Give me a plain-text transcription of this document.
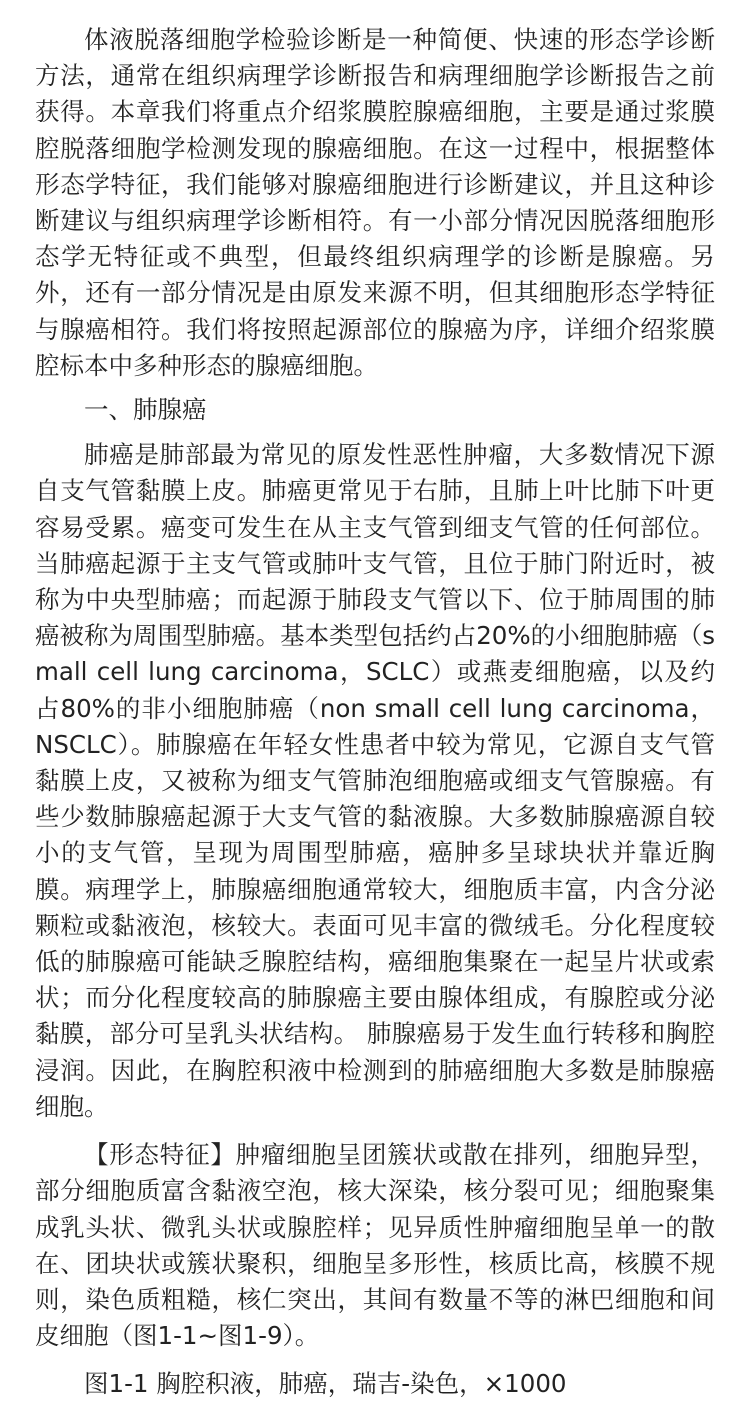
体液脱落细胞学检验诊断是一种简便、快速的形态学诊断方法，通常在组织病理学诊断报告和病理细胞学诊断报告之前获得。本章我们将重点介绍浆膜腔腺癌细胞，主要是通过浆膜腔脱落细胞学检测发现的腺癌细胞。在这一过程中，根据整体形态学特征，我们能够对腺癌细胞进行诊断建议，并且这种诊断建议与组织病理学诊断相符。有一小部分情况因脱落细胞形态学无特征或不典型，但最终组织病理学的诊断是腺癌。另外，还有一部分情况是由原发来源不明，但其细胞形态学特征与腺癌相符。我们将按照起源部位的腺癌为序，详细介绍浆膜腔标本中多种形态的腺癌细胞。

一、肺腺癌

肺癌是肺部最为常见的原发性恶性肿瘤，大多数情况下源自支气管黏膜上皮。肺癌更常见于右肺，且肺上叶比肺下叶更容易受累。癌变可发生在从主支气管到细支气管的任何部位。当肺癌起源于主支气管或肺叶支气管，且位于肺门附近时，被称为中央型肺癌；而起源于肺段支气管以下、位于肺周围的肺癌被称为周围型肺癌。基本类型包括约占20%的小细胞肺癌（small cell lung carcinoma，SCLC）或燕麦细胞癌，以及约占80%的非小细胞肺癌（non small cell lung carcinoma，NSCLC）。肺腺癌在年轻女性患者中较为常见，它源自支气管黏膜上皮，又被称为细支气管肺泡细胞癌或细支气管腺癌。有些少数肺腺癌起源于大支气管的黏液腺。大多数肺腺癌源自较小的支气管，呈现为周围型肺癌，癌肿多呈球块状并靠近胸膜。病理学上，肺腺癌细胞通常较大，细胞质丰富，内含分泌颗粒或黏液泡，核较大。表面可见丰富的微绒毛。分化程度较低的肺腺癌可能缺乏腺腔结构，癌细胞集聚在一起呈片状或索状；而分化程度较高的肺腺癌主要由腺体组成，有腺腔或分泌黏膜，部分可呈乳头状结构。 肺腺癌易于发生血行转移和胸腔浸润。因此，在胸腔积液中检测到的肺癌细胞大多数是肺腺癌细胞。

【形态特征】肿瘤细胞呈团簇状或散在排列，细胞异型，部分细胞质富含黏液空泡，核大深染，核分裂可见；细胞聚集成乳头状、微乳头状或腺腔样；见异质性肿瘤细胞呈单一的散在、团块状或簇状聚积，细胞呈多形性，核质比高，核膜不规则，染色质粗糙，核仁突出，其间有数量不等的淋巴细胞和间皮细胞（图1-1~图1-9）。

图1-1 胸腔积液，肺癌，瑞吉-染色，×1000
